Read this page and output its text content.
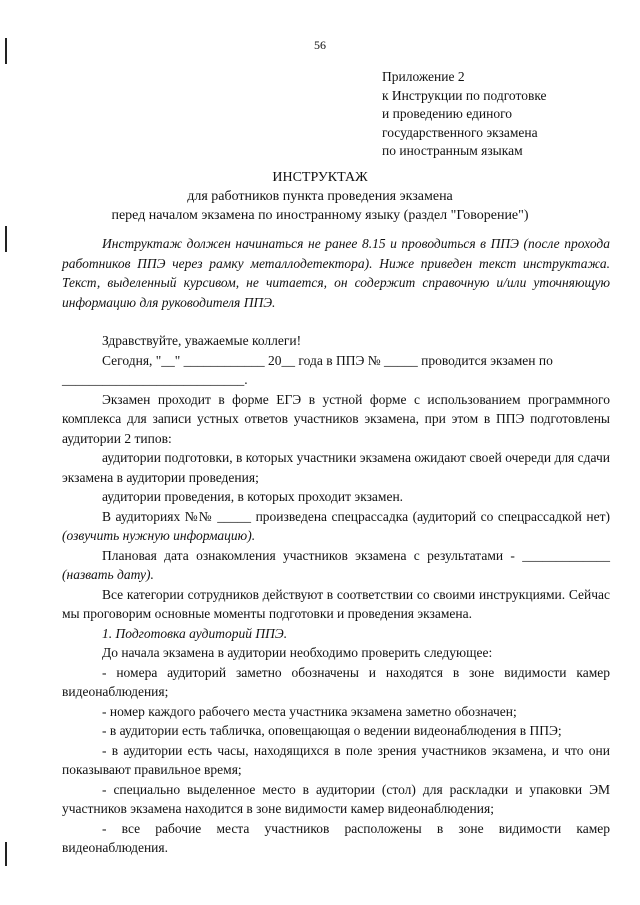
56
Приложение 2
к Инструкции по подготовке
и проведению единого
государственного экзамена
по иностранным языкам
ИНСТРУКТАЖ
для работников пункта проведения экзамена
перед началом экзамена по иностранному языку (раздел "Говорение")

Инструктаж должен начинаться не ранее 8.15 и проводиться в ППЭ (после прохода работников ППЭ через рамку металлодетектора). Ниже приведен текст инструктажа. Текст, выделенный курсивом, не читается, он содержит справочную и/или уточняющую информацию для руководителя ППЭ.

Здравствуйте, уважаемые коллеги!

Сегодня, "__" ____________ 20__ года в ППЭ № _____ проводится экзамен по

___________________________.

Экзамен проходит в форме ЕГЭ в устной форме с использованием программного комплекса для записи устных ответов участников экзамена, при этом в ППЭ подготовлены аудитории 2 типов:

аудитории подготовки, в которых участники экзамена ожидают своей очереди для сдачи экзамена в аудитории проведения;

аудитории проведения, в которых проходит экзамен.

В аудиториях №№ _____ произведена спецрассадка (аудиторий со спецрассадкой нет) (озвучить нужную информацию).

Плановая дата ознакомления участников экзамена с результатами - _____________ (назвать дату).

Все категории сотрудников действуют в соответствии со своими инструкциями. Сейчас мы проговорим основные моменты подготовки и проведения экзамена.

1. Подготовка аудиторий ППЭ.

До начала экзамена в аудитории необходимо проверить следующее:

- номера аудиторий заметно обозначены и находятся в зоне видимости камер видеонаблюдения;

- номер каждого рабочего места участника экзамена заметно обозначен;

- в аудитории есть табличка, оповещающая о ведении видеонаблюдения в ППЭ;

- в аудитории есть часы, находящихся в поле зрения участников экзамена, и что они показывают правильное время;

- специально выделенное место в аудитории (стол) для раскладки и упаковки ЭМ участников экзамена находится в зоне видимости камер видеонаблюдения;

- все рабочие места участников расположены в зоне видимости камер видеонаблюдения.
